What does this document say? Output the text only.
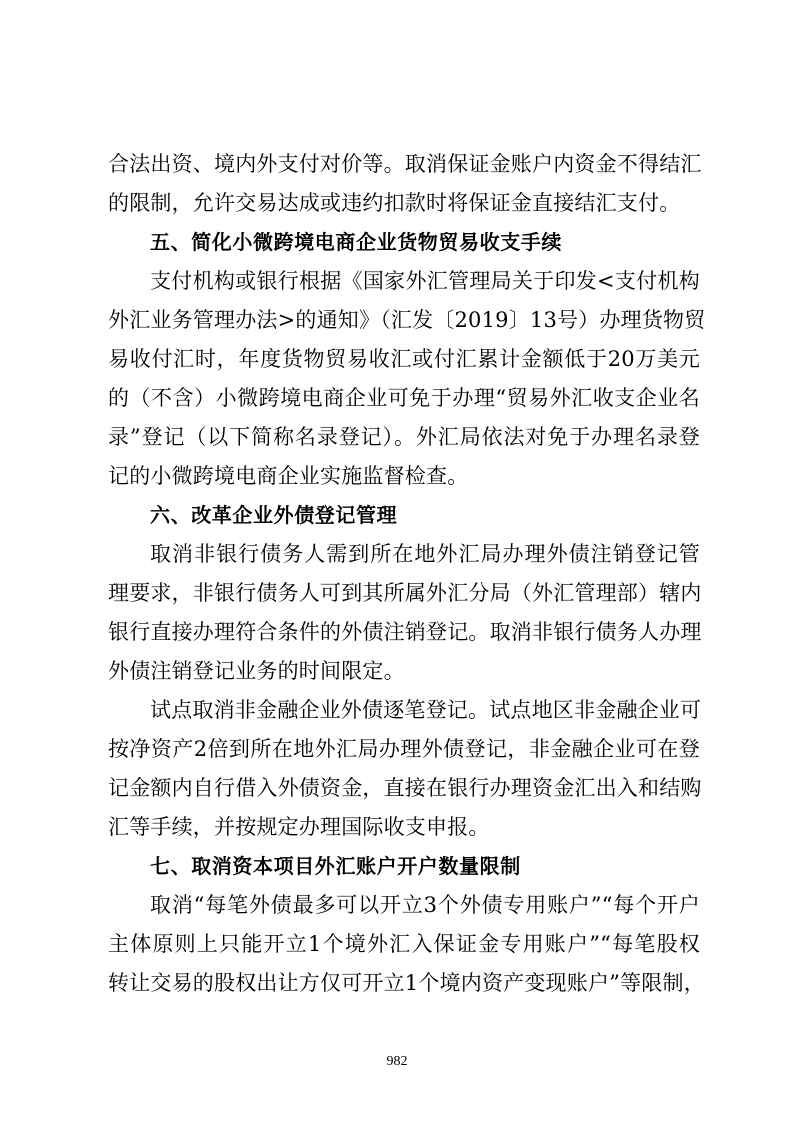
合法出资、境内外支付对价等。取消保证金账户内资金不得结汇
的限制，允许交易达成或违约扣款时将保证金直接结汇支付。
五、简化小微跨境电商企业货物贸易收支手续
支付机构或银行根据《国家外汇管理局关于印发<支付机构
外汇业务管理办法>的通知》（汇发〔2019〕13号）办理货物贸
易收付汇时，年度货物贸易收汇或付汇累计金额低于20万美元
的（不含）小微跨境电商企业可免于办理“贸易外汇收支企业名
录”登记（以下简称名录登记）。外汇局依法对免于办理名录登
记的小微跨境电商企业实施监督检查。
六、改革企业外债登记管理
取消非银行债务人需到所在地外汇局办理外债注销登记管
理要求，非银行债务人可到其所属外汇分局（外汇管理部）辖内
银行直接办理符合条件的外债注销登记。取消非银行债务人办理
外债注销登记业务的时间限定。
试点取消非金融企业外债逐笔登记。试点地区非金融企业可
按净资产2倍到所在地外汇局办理外债登记，非金融企业可在登
记金额内自行借入外债资金，直接在银行办理资金汇出入和结购
汇等手续，并按规定办理国际收支申报。
七、取消资本项目外汇账户开户数量限制
取消“每笔外债最多可以开立3个外债专用账户”“每个开户
主体原则上只能开立1个境外汇入保证金专用账户”“每笔股权
转让交易的股权出让方仅可开立1个境内资产变现账户”等限制，
982
